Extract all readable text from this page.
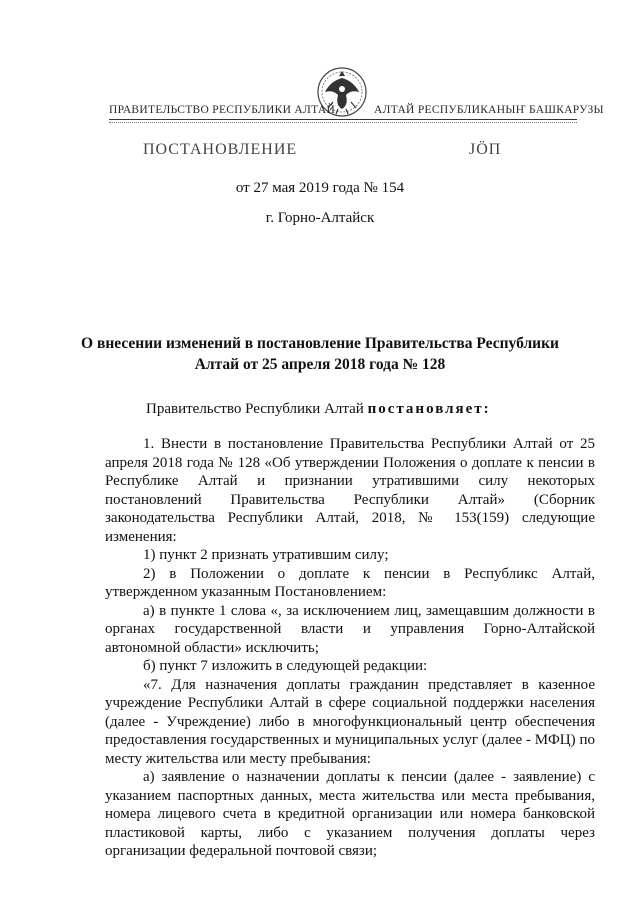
ПРАВИТЕЛЬСТВО РЕСПУБЛИКИ АЛТАЙ	АЛТАЙ РЕСПУБЛИКАНЫҤ БАШКАРУЗЫ
ПОСТАНОВЛЕНИЕ	ЈӦП
от 27 мая 2019 года № 154
г. Горно-Алтайск
О внесении изменений в постановление Правительства Республики
Алтай от 25 апреля 2018 года № 128
Правительство Республики Алтай постановляет:

1. Внести в постановление Правительства Республики Алтай от 25 апреля 2018 года № 128 «Об утверждении Положения о доплате к пенсии в Республике Алтай и признании утратившими силу некоторых постановлений Правительства Республики Алтай» (Сборник законодательства Республики Алтай, 2018, № 153(159) следующие изменения:

1) пункт 2 признать утратившим силу;

2) в Положении о доплате к пенсии в Республикс Алтай, утвержденном указанным Постановлением:

а) в пункте 1 слова «, за исключением лиц, замещавшим должности в органах государственной власти и управления Горно-Алтайской автономной области» исключить;

б) пункт 7 изложить в следующей редакции:

«7. Для назначения доплаты гражданин представляет в казенное учреждение Республики Алтай в сфере социальной поддержки населения (далее - Учреждение) либо в многофункциональный центр обеспечения предоставления государственных и муниципальных услуг (далее - МФЦ) по месту жительства или месту пребывания:

а) заявление о назначении доплаты к пенсии (далее - заявление) с указанием паспортных данных, места жительства или места пребывания, номера лицевого счета в кредитной организации или номера банковской пластиковой карты, либо с указанием получения доплаты через организации федеральной почтовой связи;
